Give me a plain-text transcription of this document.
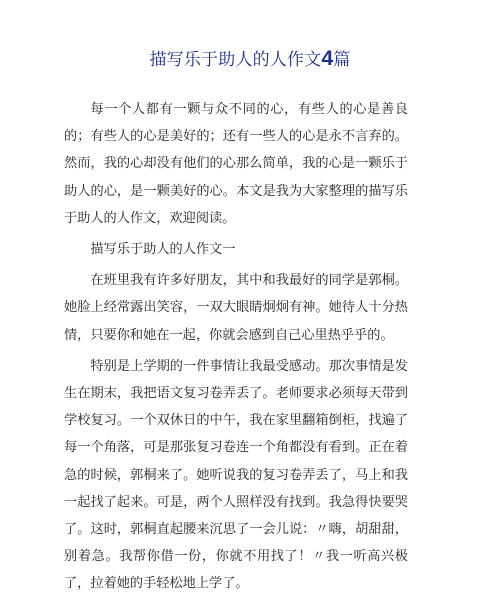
描写乐于助人的人作文4篇

每一个人都有一颗与众不同的心，有些人的心是善良的；有些人的心是美好的；还有一些人的心是永不言弃的。然而，我的心却没有他们的心那么简单，我的心是一颗乐于助人的心，是一颗美好的心。本文是我为大家整理的描写乐于助人的人作文，欢迎阅读。

描写乐于助人的人作文一

在班里我有许多好朋友，其中和我最好的同学是郭桐。她脸上经常露出笑容，一双大眼睛炯炯有神。她待人十分热情，只要你和她在一起，你就会感到自己心里热乎乎的。

特别是上学期的一件事情让我最受感动。那次事情是发生在期末，我把语文复习卷弄丢了。老师要求必须每天带到学校复习。一个双休日的中午，我在家里翻箱倒柜，找遍了每一个角落，可是那张复习卷连一个角都没有看到。正在着急的时候，郭桐来了。她听说我的复习卷弄丢了，马上和我一起找了起来。可是，两个人照样没有找到。我急得快要哭了。这时，郭桐直起腰来沉思了一会儿说：〃嗨，胡甜甜，别着急。我帮你借一份，你就不用找了！〃我一听高兴极了，拉着她的手轻松地上学了。
